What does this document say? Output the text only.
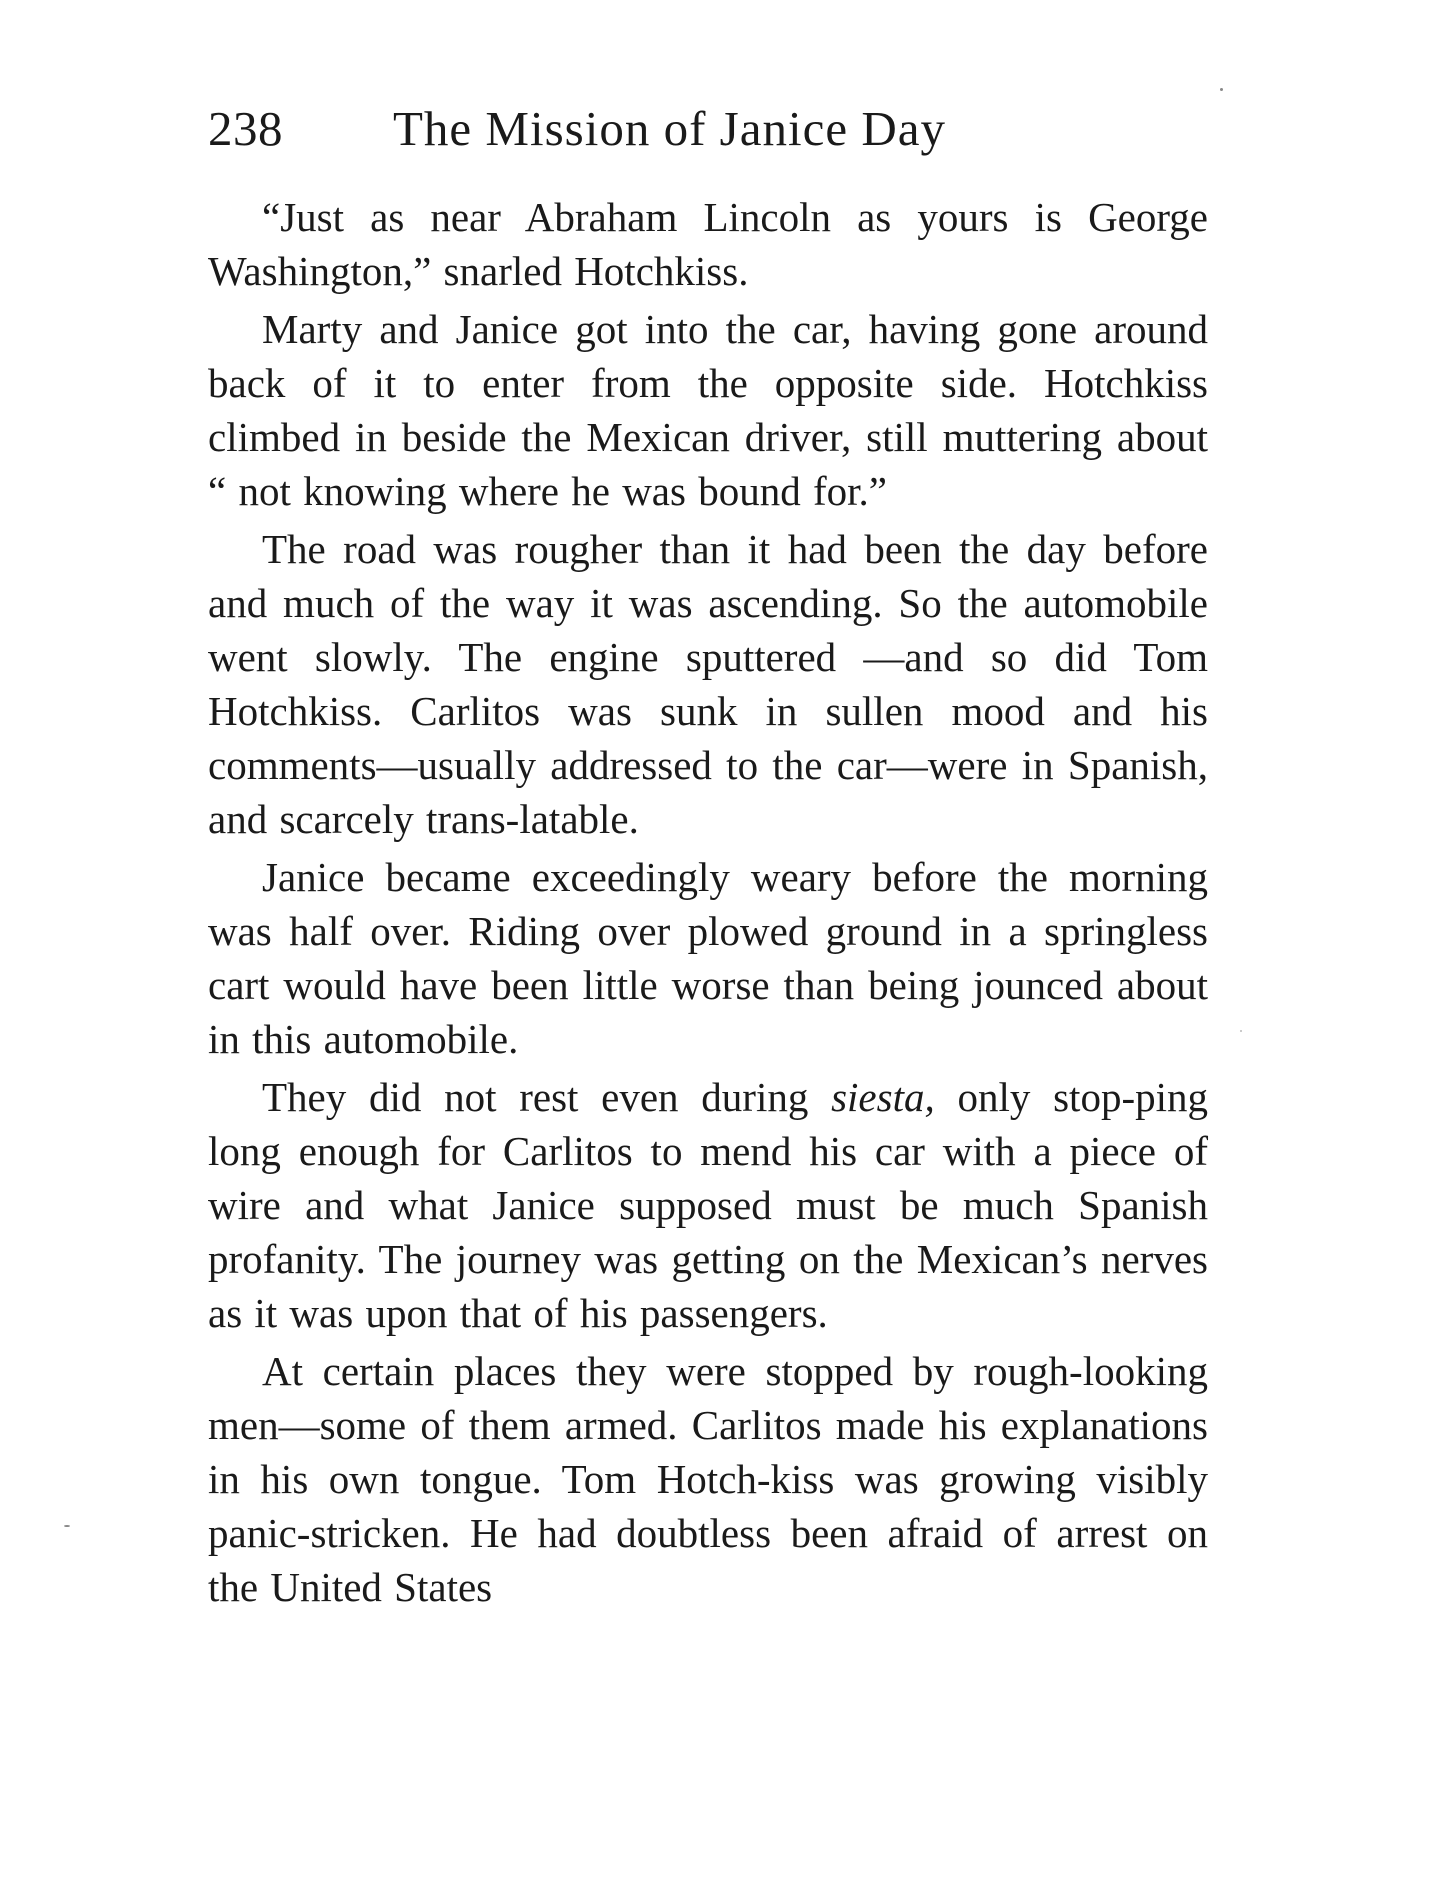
238 The Mission of Janice Day

“Just as near Abraham Lincoln as yours is George Washington,” snarled Hotchkiss.

Marty and Janice got into the car, having gone around back of it to enter from the opposite side. Hotchkiss climbed in beside the Mexican driver, still muttering about “ not knowing where he was bound for.”

The road was rougher than it had been the day before and much of the way it was ascending. So the automobile went slowly. The engine sputtered —and so did Tom Hotchkiss. Carlitos was sunk in sullen mood and his comments—usually addressed to the car—were in Spanish, and scarcely trans-latable.

Janice became exceedingly weary before the morning was half over. Riding over plowed ground in a springless cart would have been little worse than being jounced about in this automobile.

They did not rest even during siesta, only stop-ping long enough for Carlitos to mend his car with a piece of wire and what Janice supposed must be much Spanish profanity. The journey was getting on the Mexican’s nerves as it was upon that of his passengers.

At certain places they were stopped by rough-looking men—some of them armed. Carlitos made his explanations in his own tongue. Tom Hotch-kiss was growing visibly panic-stricken. He had doubtless been afraid of arrest on the United States
